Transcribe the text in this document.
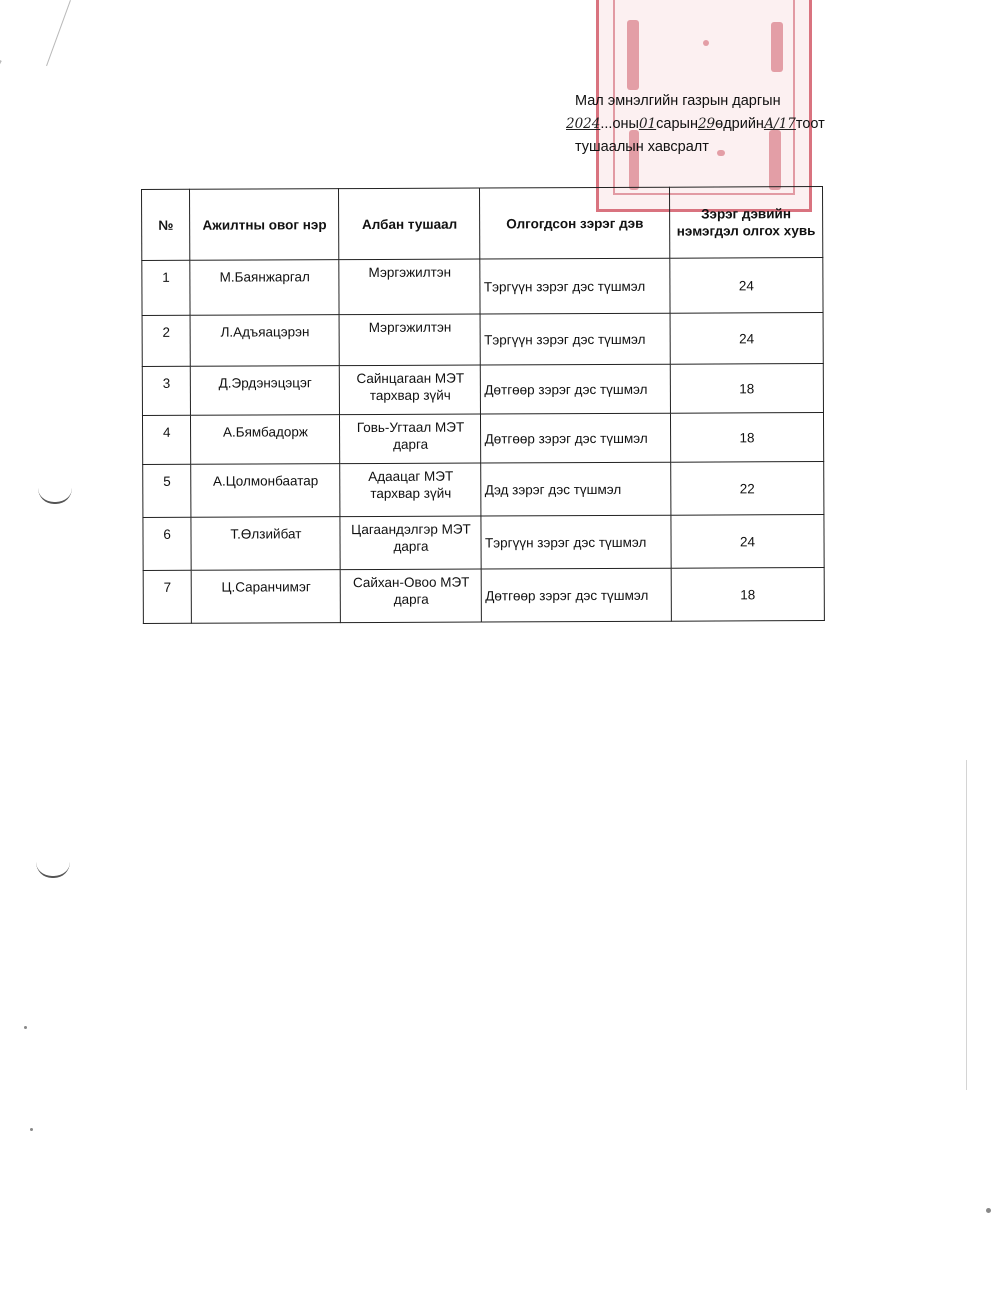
Мал эмнэлгийн газрын даргын
2024...оны01сарын29өдрийнА/17тоот
тушаалын хавсралт
№	Ажилтны овог нэр	Албан тушаал	Олгогдсон зэрэг дэв	Зэрэг дэвийн нэмэгдэл олгох хувь
1	М.Баянжаргал	Мэргэжилтэн	Тэргүүн зэрэг дэс түшмэл	24
2	Л.Адъяацэрэн	Мэргэжилтэн	Тэргүүн зэрэг дэс түшмэл	24
3	Д.Эрдэнэцэцэг	Сайнцагаан МЭТ тархвар зүйч	Дөтгөөр зэрэг дэс түшмэл	18
4	А.Бямбадорж	Говь-Угтаал МЭТ дарга	Дөтгөөр зэрэг дэс түшмэл	18
5	А.Цолмонбаатар	Адаацаг МЭТ тархвар зүйч	Дэд зэрэг дэс түшмэл	22
6	Т.Өлзийбат	Цагаандэлгэр МЭТ дарга	Тэргүүн зэрэг дэс түшмэл	24
7	Ц.Саранчимэг	Сайхан-Овоо МЭТ дарга	Дөтгөөр зэрэг дэс түшмэл	18
